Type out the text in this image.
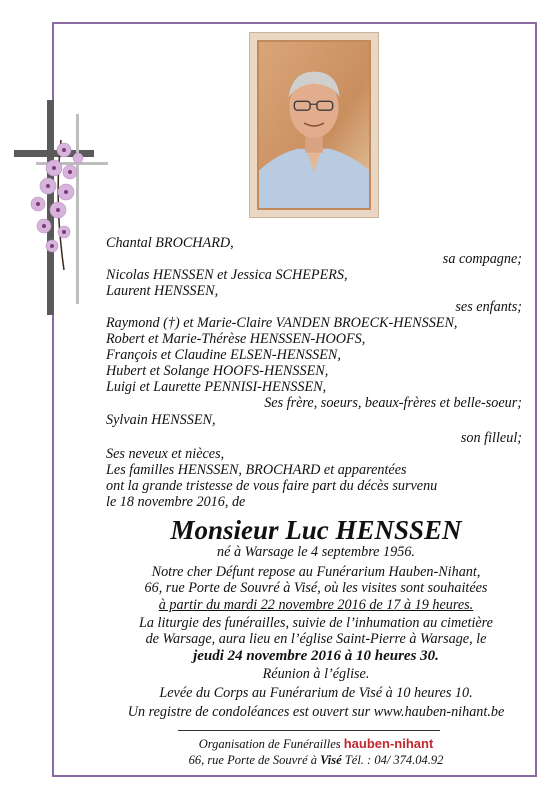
Chantal BROCHARD,
sa compagne;
Nicolas HENSSEN et Jessica SCHEPERS,
Laurent HENSSEN,
ses enfants;
Raymond (†) et Marie-Claire VANDEN BROECK-HENSSEN,
Robert et Marie-Thérèse HENSSEN-HOOFS,
François et Claudine ELSEN-HENSSEN,
Hubert et Solange HOOFS-HENSSEN,
Luigi et Laurette PENNISI-HENSSEN,
Ses frère, soeurs, beaux-frères et belle-soeur;
Sylvain HENSSEN,
son filleul;
Ses neveux et nièces,
Les familles HENSSEN, BROCHARD et apparentées
ont la grande tristesse de vous faire part du décès survenu
le 18 novembre 2016, de
Monsieur Luc HENSSEN
né à Warsage le 4 septembre 1956.
Notre cher Défunt repose au Funérarium Hauben-Nihant,
66, rue Porte de Souvré à Visé, où les visites sont souhaitées
à partir du mardi 22 novembre 2016 de 17 à 19 heures.
La liturgie des funérailles, suivie de l’inhumation au cimetière
de Warsage, aura lieu en l’église Saint-Pierre à Warsage, le
jeudi 24 novembre 2016 à 10 heures 30.
Réunion à l’église.
Levée du Corps au Funérarium de Visé à 10 heures 10.
Un registre de condoléances est ouvert sur www.hauben-nihant.be
Organisation de Funérailles hauben-nihant
66, rue Porte de Souvré à Visé Tél. : 04/ 374.04.92
